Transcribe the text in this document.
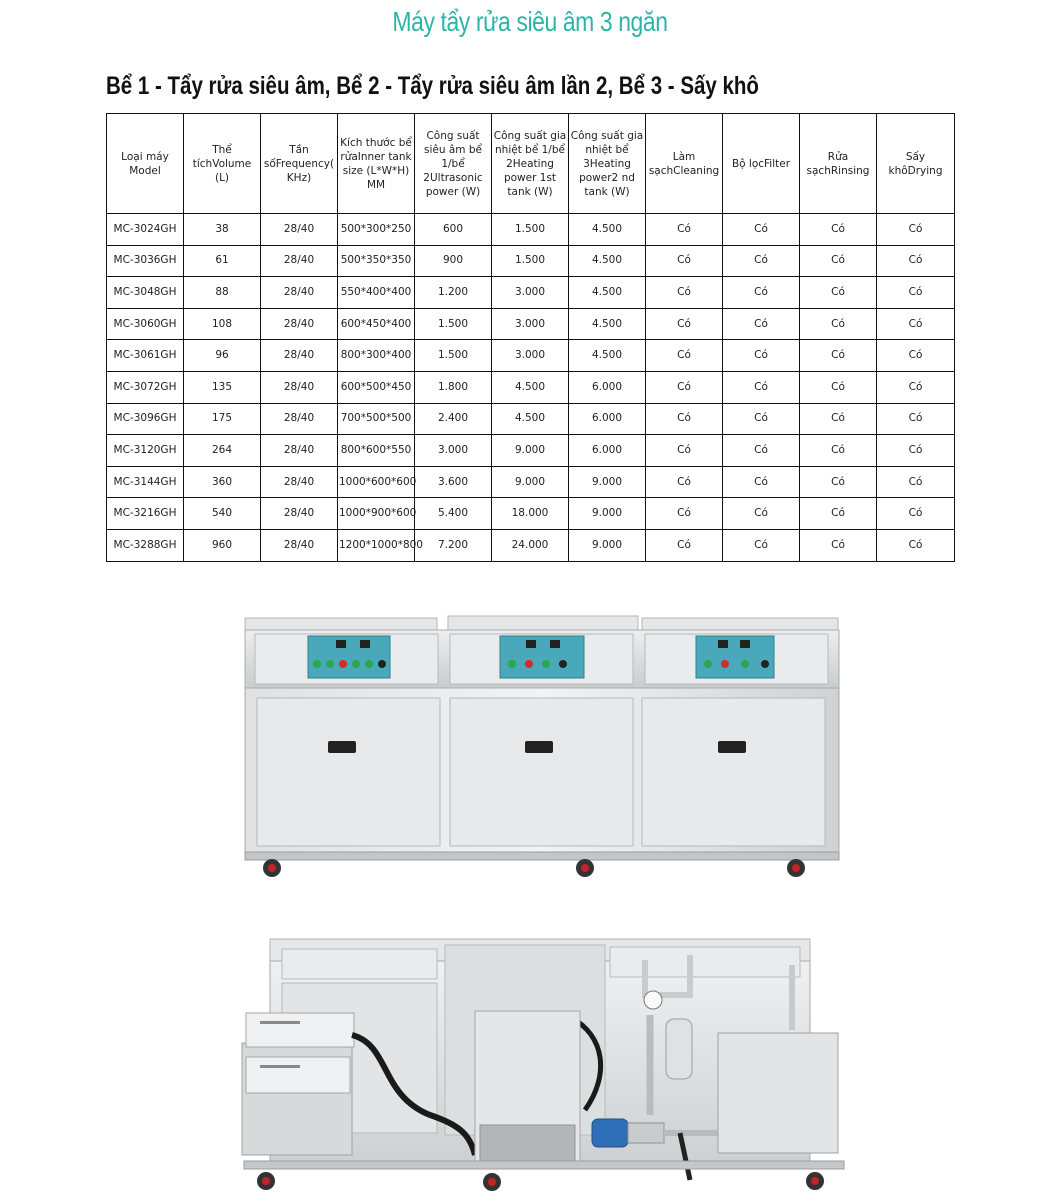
Máy tẩy rửa siêu âm 3 ngăn
Bể 1 - Tẩy rửa siêu âm, Bể 2 - Tẩy rửa siêu âm lần 2, Bể 3 - Sấy khô
Loại máy Model	Thể tíchVolume (L)	Tần sốFrequency( KHz)	Kích thước bể rửaInner tank size (L*W*H) MM	Công suất siêu âm bể 1/bể 2Ultrasonic power (W)	Công suất gia nhiệt bể 1/bể 2Heating power 1st tank (W)	Công suất gia nhiệt bể 3Heating power2 nd tank (W)	Làm sạchCleaning	Bộ lọcFilter	Rửa sạchRinsing	Sấy khôDrying
MC-3024GH	38	28/40	500*300*250	600	1.500	4.500	Có	Có	Có	Có
MC-3036GH	61	28/40	500*350*350	900	1.500	4.500	Có	Có	Có	Có
MC-3048GH	88	28/40	550*400*400	1.200	3.000	4.500	Có	Có	Có	Có
MC-3060GH	108	28/40	600*450*400	1.500	3.000	4.500	Có	Có	Có	Có
MC-3061GH	96	28/40	800*300*400	1.500	3.000	4.500	Có	Có	Có	Có
MC-3072GH	135	28/40	600*500*450	1.800	4.500	6.000	Có	Có	Có	Có
MC-3096GH	175	28/40	700*500*500	2.400	4.500	6.000	Có	Có	Có	Có
MC-3120GH	264	28/40	800*600*550	3.000	9.000	6.000	Có	Có	Có	Có
MC-3144GH	360	28/40	1000*600*600	3.600	9.000	9.000	Có	Có	Có	Có
MC-3216GH	540	28/40	1000*900*600	5.400	18.000	9.000	Có	Có	Có	Có
MC-3288GH	960	28/40	1200*1000*800	7.200	24.000	9.000	Có	Có	Có	Có
